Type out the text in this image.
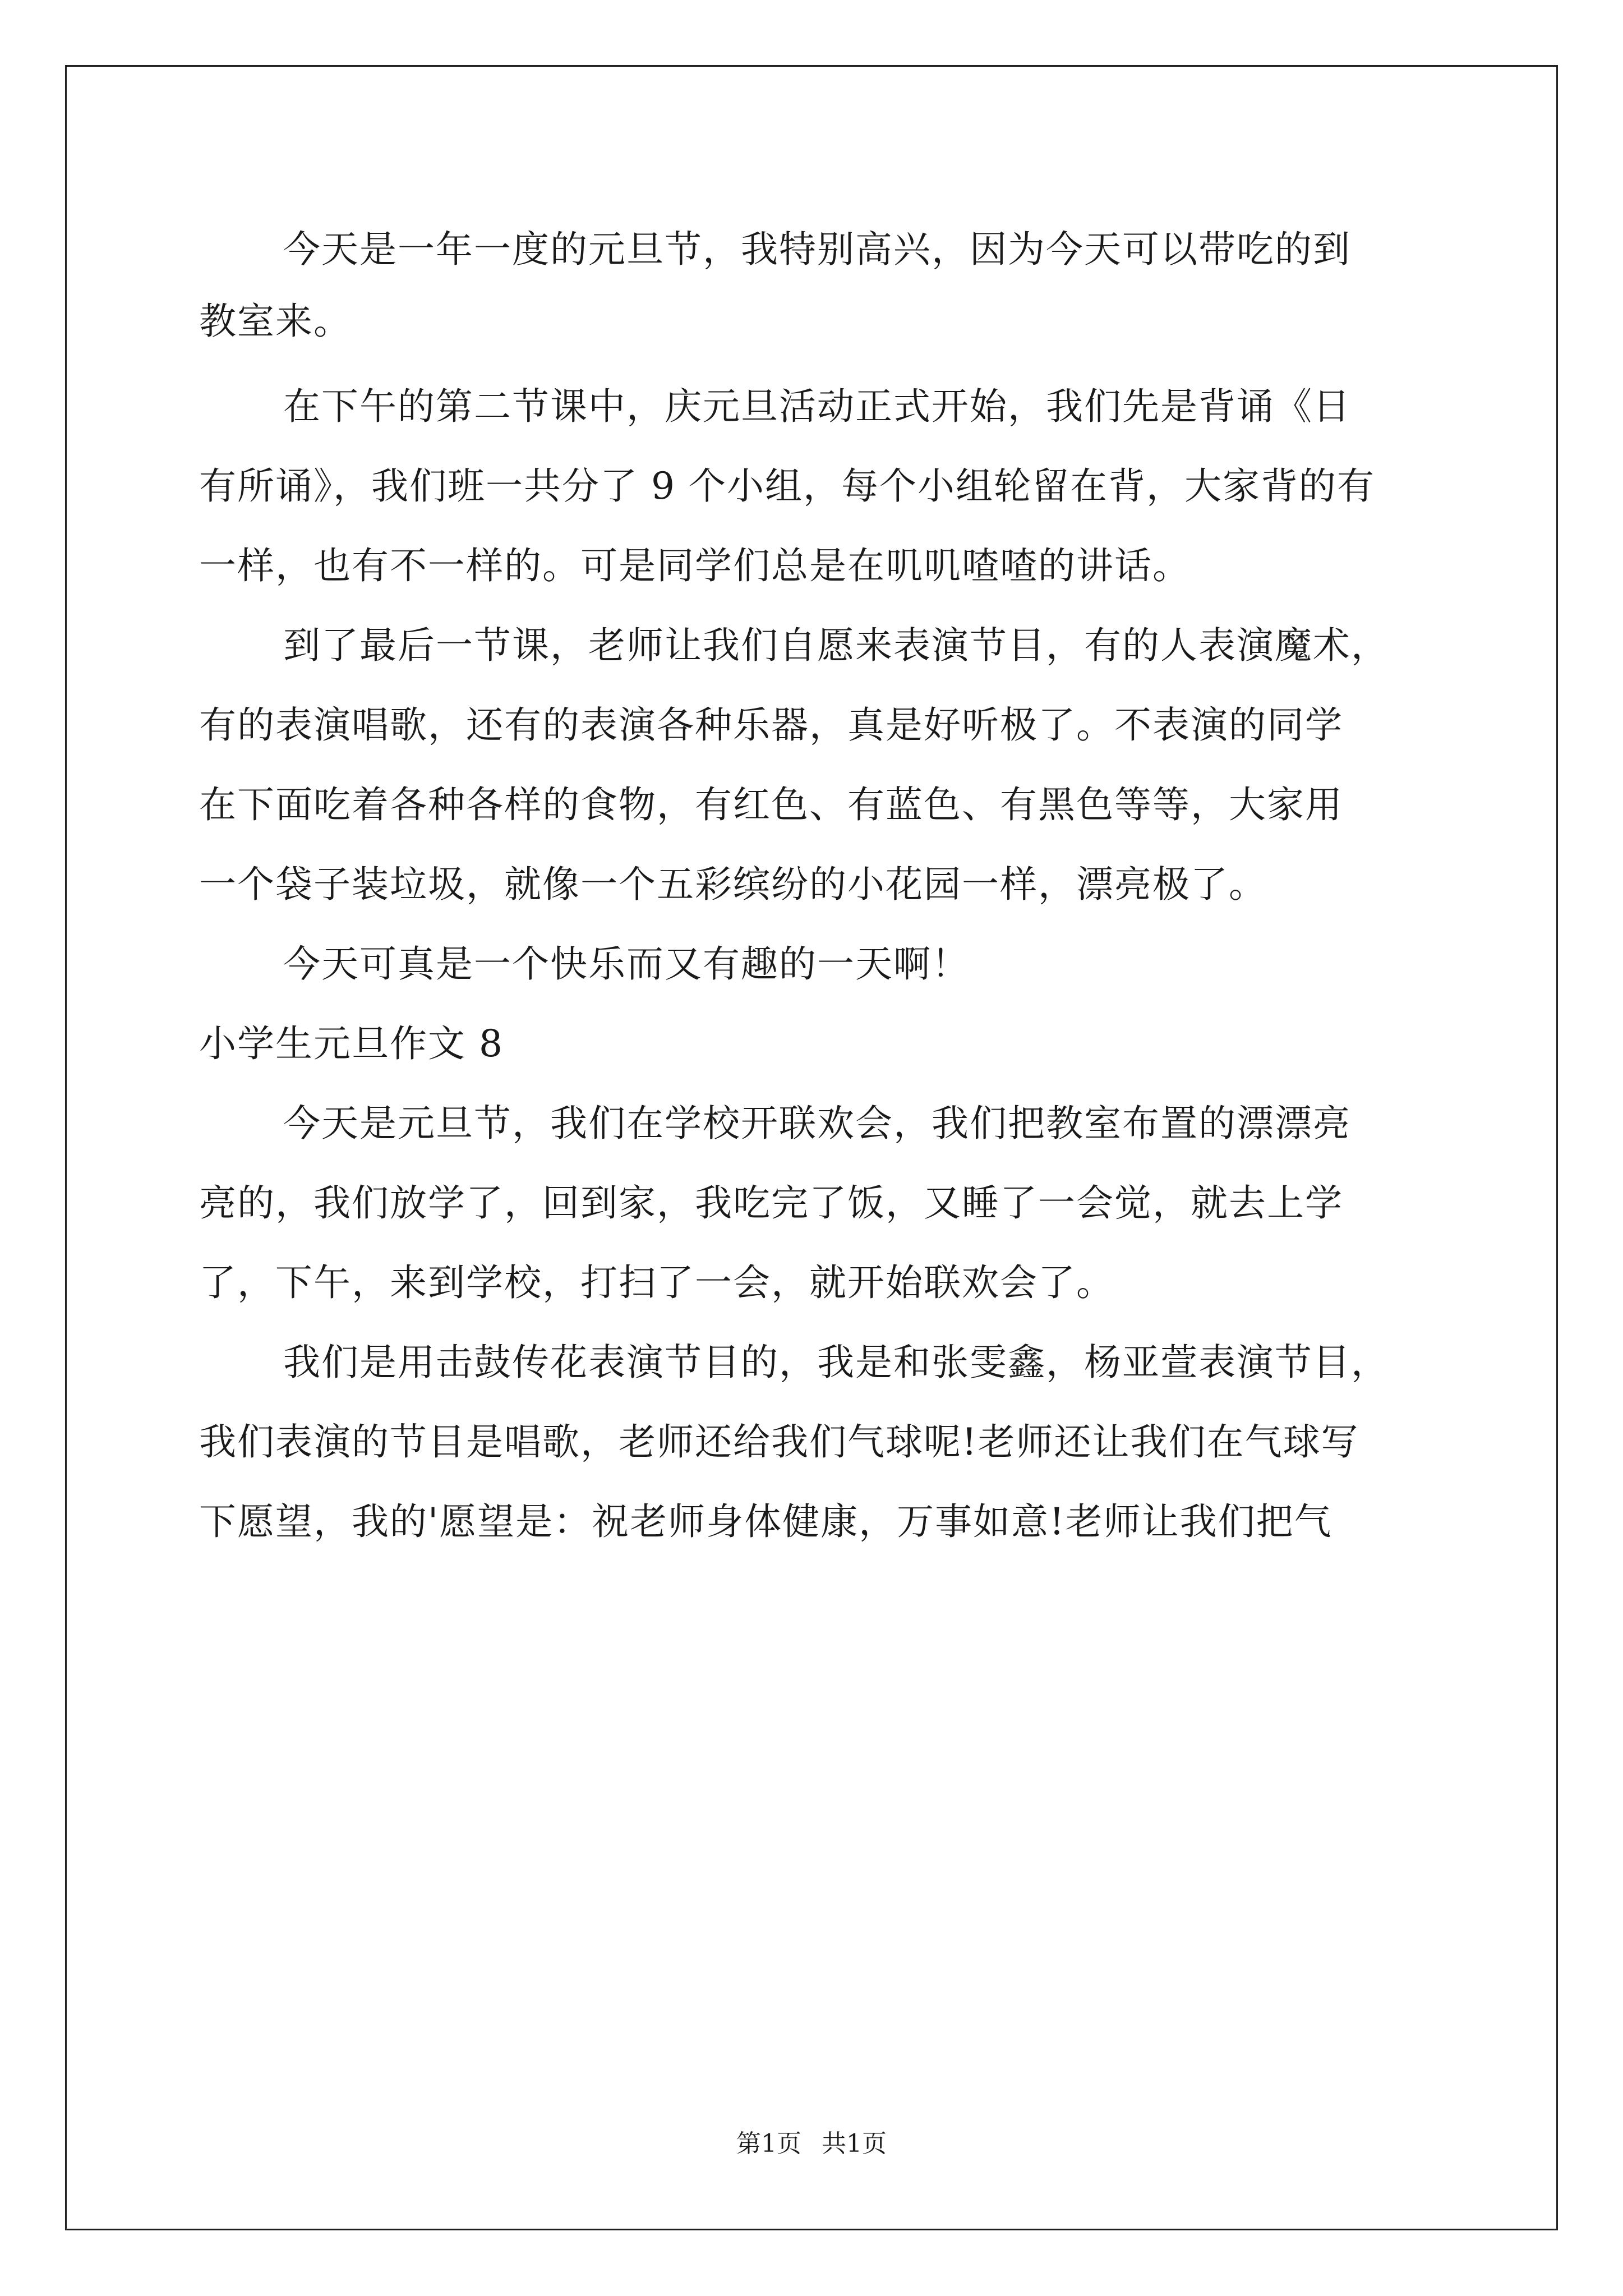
今天是一年一度的元旦节，我特别高兴，因为今天可以带吃的到
教室来。
在下午的第二节课中，庆元旦活动正式开始，我们先是背诵《日
有所诵》，我们班一共分了 9 个小组，每个小组轮留在背，大家背的有
一样，也有不一样的。可是同学们总是在叽叽喳喳的讲话。
到了最后一节课，老师让我们自愿来表演节目，有的人表演魔术，
有的表演唱歌，还有的表演各种乐器，真是好听极了。不表演的同学
在下面吃着各种各样的食物，有红色、有蓝色、有黑色等等，大家用
一个袋子装垃圾，就像一个五彩缤纷的小花园一样，漂亮极了。
今天可真是一个快乐而又有趣的一天啊！
小学生元旦作文 8
今天是元旦节，我们在学校开联欢会，我们把教室布置的漂漂亮
亮的，我们放学了，回到家，我吃完了饭，又睡了一会觉，就去上学
了，下午，来到学校，打扫了一会，就开始联欢会了。
我们是用击鼓传花表演节目的，我是和张雯鑫，杨亚萱表演节目，
我们表演的节目是唱歌，老师还给我们气球呢!老师还让我们在气球写
下愿望，我的'愿望是：祝老师身体健康，万事如意!老师让我们把气
第1页 共1页
